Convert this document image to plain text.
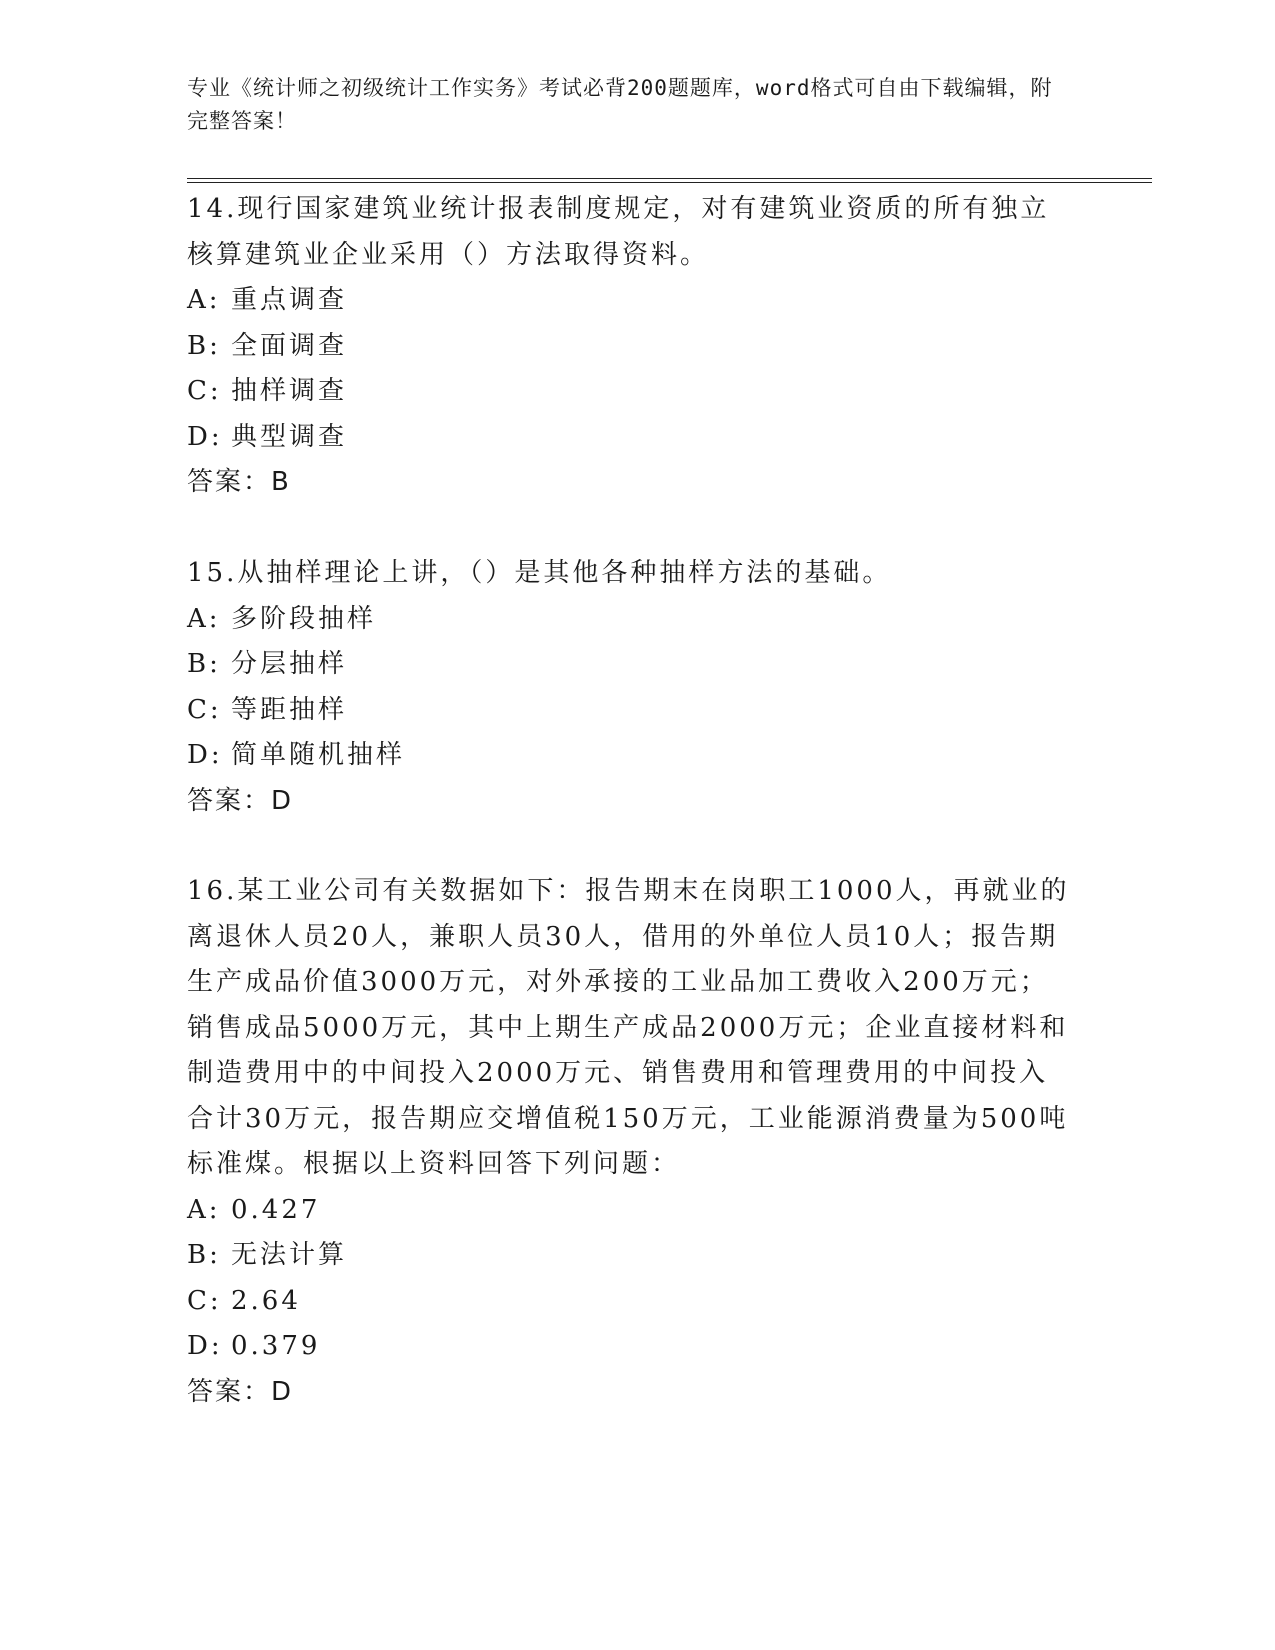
专业《统计师之初级统计工作实务》考试必背200题题库，word格式可自由下载编辑，附完整答案！

14.现行国家建筑业统计报表制度规定，对有建筑业资质的所有独立核算建筑业企业采用（）方法取得资料。

A: 重点调查

B: 全面调查

C: 抽样调查

D: 典型调查

答案：B

15.从抽样理论上讲，（）是其他各种抽样方法的基础。

A: 多阶段抽样

B: 分层抽样

C: 等距抽样

D: 简单随机抽样

答案：D

16.某工业公司有关数据如下：报告期末在岗职工1000人，再就业的离退休人员20人，兼职人员30人，借用的外单位人员10人；报告期生产成品价值3000万元，对外承接的工业品加工费收入200万元；销售成品5000万元，其中上期生产成品2000万元；企业直接材料和制造费用中的中间投入2000万元、销售费用和管理费用的中间投入合计30万元，报告期应交增值税150万元，工业能源消费量为500吨标准煤。根据以上资料回答下列问题：

A: 0.427

B: 无法计算

C: 2.64

D: 0.379

答案：D
